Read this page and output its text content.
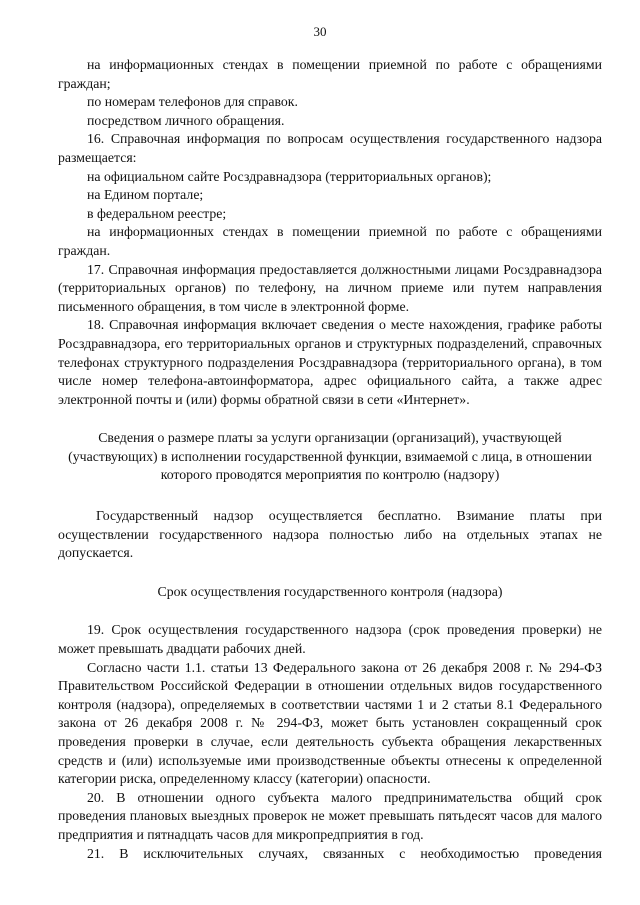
30

на информационных стендах в помещении приемной по работе с обращениями граждан;

по номерам телефонов для справок.

посредством личного обращения.

16. Справочная информация по вопросам осуществления государственного надзора размещается:

на официальном сайте Росздравнадзора (территориальных органов);

на Едином портале;

в федеральном реестре;

на информационных стендах в помещении приемной по работе с обращениями граждан.

17. Справочная информация предоставляется должностными лицами Росздравнадзора (территориальных органов) по телефону, на личном приеме или путем направления письменного обращения, в том числе в электронной форме.

18. Справочная информация включает сведения о месте нахождения, графике работы Росздравнадзора, его территориальных органов и структурных подразделений, справочных телефонах структурного подразделения Росздравнадзора (территориального органа), в том числе номер телефона-автоинформатора, адрес официального сайта, а также адрес электронной почты и (или) формы обратной связи в сети «Интернет».

Сведения о размере платы за услуги организации (организаций), участвующей (участвующих) в исполнении государственной функции, взимаемой с лица, в отношении которого проводятся мероприятия по контролю (надзору)

Государственный надзор осуществляется бесплатно. Взимание платы при осуществлении государственного надзора полностью либо на отдельных этапах не допускается.

Срок осуществления государственного контроля (надзора)

19. Срок осуществления государственного надзора (срок проведения проверки) не может превышать двадцати рабочих дней.

Согласно части 1.1. статьи 13 Федерального закона от 26 декабря 2008 г. № 294-ФЗ Правительством Российской Федерации в отношении отдельных видов государственного контроля (надзора), определяемых в соответствии частями 1 и 2 статьи 8.1 Федерального закона от 26 декабря 2008 г. № 294-ФЗ, может быть установлен сокращенный срок проведения проверки в случае, если деятельность субъекта обращения лекарственных средств и (или) используемые ими производственные объекты отнесены к определенной категории риска, определенному классу (категории) опасности.

20. В отношении одного субъекта малого предпринимательства общий срок проведения плановых выездных проверок не может превышать пятьдесят часов для малого предприятия и пятнадцать часов для микропредприятия в год.

21. В исключительных случаях, связанных с необходимостью проведения
